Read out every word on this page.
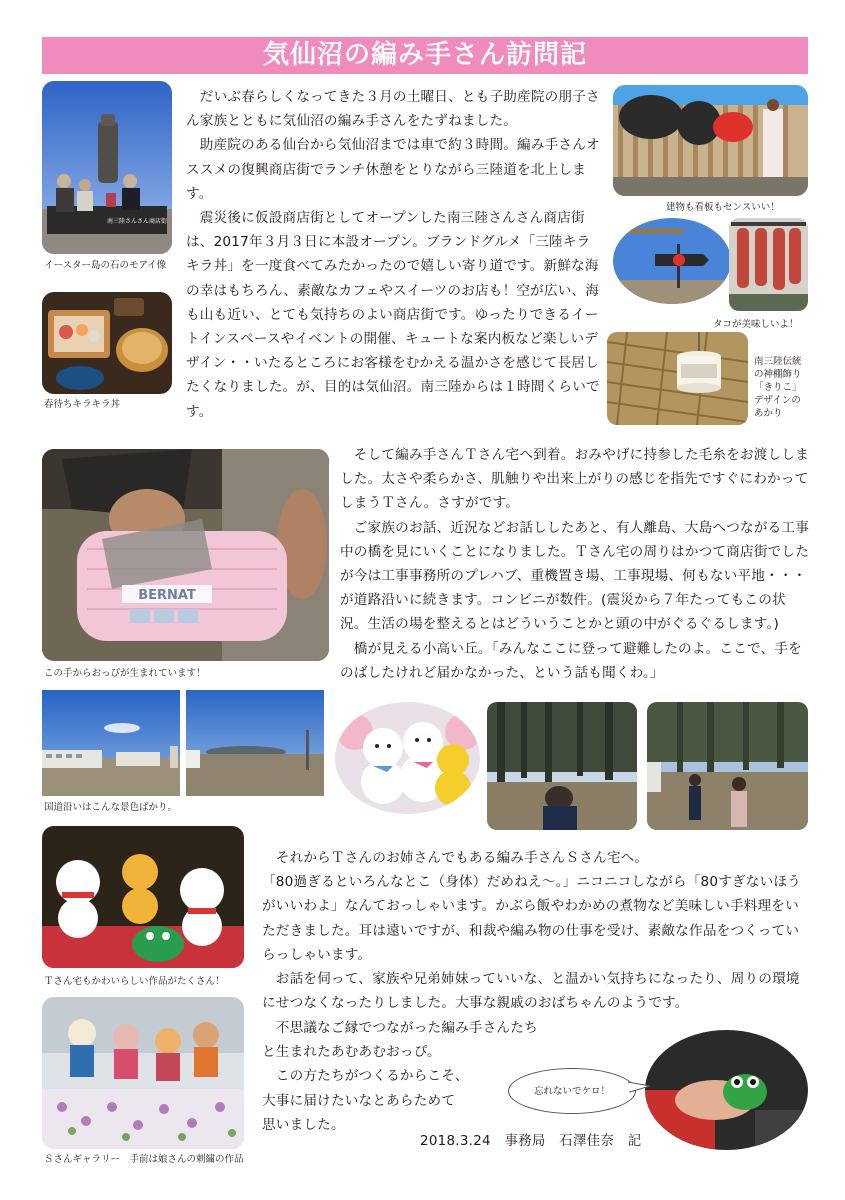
気仙沼の編み手さん訪問記
南三陸さんさん商店街
イースター島の石のモアイ像
春待ちキラキラ丼

　だいぶ春らしくなってきた３月の土曜日、とも子助産院の朋子さん家族とともに気仙沼の編み手さんをたずねました。

　助産院のある仙台から気仙沼までは車で約３時間。編み手さんオススメの復興商店街でランチ休憩をとりながら三陸道を北上します。

　震災後に仮設商店街としてオープンした南三陸さんさん商店街は、2017年３月３日に本設オープン。ブランドグルメ「三陸キラキラ丼」を一度食べてみたかったので嬉しい寄り道です。新鮮な海の幸はもちろん、素敵なカフェやスイーツのお店も！空が広い、海も山も近い、とても気持ちのよい商店街です。ゆったりできるイートインスペースやイベントの開催、キュートな案内板など楽しいデザイン・・いたるところにお客様をむかえる温かさを感じて長居したくなりました。が、目的は気仙沼。南三陸からは１時間くらいです。

建物も看板もセンスいい！
タコが美味しいよ！
南三陸伝統の神棚飾り「きりこ」デザインのあかり
BERNAT
この手からおっぴが生まれています！

　そして編み手さんＴさん宅へ到着。おみやげに持参した毛糸をお渡ししました。太さや柔らかさ、肌触りや出来上がりの感じを指先ですぐにわかってしまうＴさん。さすがです。

　ご家族のお話、近況などお話ししたあと、有人離島、大島へつながる工事中の橋を見にいくことになりました。Ｔさん宅の周りはかつて商店街でしたが今は工事事務所のプレハブ、重機置き場、工事現場、何もない平地・・・が道路沿いに続きます。コンビニが数件。(震災から７年たってもこの状況。生活の場を整えるとはどういうことかと頭の中がぐるぐるします。)

　橋が見える小高い丘。「みんなここに登って避難したのよ。ここで、手をのばしたけれど届かなかった、という話も聞くわ。」

国道沿いはこんな景色ばかり。
Ｔさん宅もかわいらしい作品がたくさん！
Ｓさんギャラリー　手前は娘さんの刺繍の作品

　それからＴさんのお姉さんでもある編み手さんＳさん宅へ。

「80過ぎるといろんなとこ（身体）だめねえ～。」ニコニコしながら「80すぎないほうがいいわよ」なんておっしゃいます。かぶら飯やわかめの煮物など美味しい手料理をいただきました。耳は遠いですが、和裁や編み物の仕事を受け、素敵な作品をつくっていらっしゃいます。

　お話を伺って、家族や兄弟姉妹っていいな、と温かい気持ちになったり、周りの環境にせつなくなったりしました。大事な親戚のおばちゃんのようです。

　不思議なご縁でつながった編み手さんたち

と生まれたあむあむおっぴ。

　この方たちがつくるからこそ、

大事に届けたいなとあらためて

思いました。

忘れないでケロ！
2018.3.24　事務局　石澤佳奈　記
